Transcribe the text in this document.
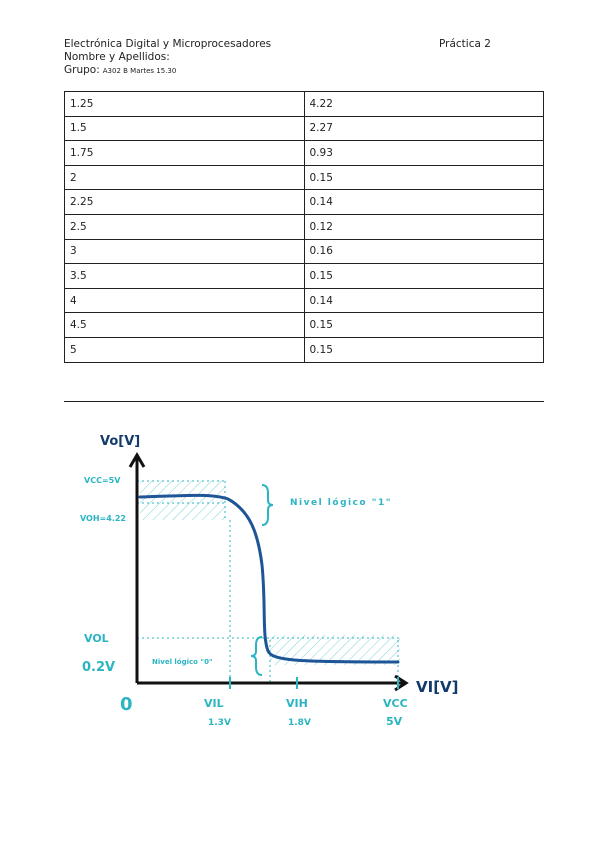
Electrónica Digital y Microprocesadores	Práctica 2
Nombre y Apellidos:
Grupo: A302 B Martes 15.30
1.25	4.22
1.5	2.27
1.75	0.93
2	0.15
2.25	0.14
2.5	0.12
3	0.16
3.5	0.15
4	0.14
4.5	0.15
5	0.15
Vo[V]
VI[V]
VCC=5V
VOH=4.22
VOL
0.2V
0	VIL
1.3V
VIH
1.8V
VCC
5V
Nivel lógico "1"
Nivel lógico "0"
